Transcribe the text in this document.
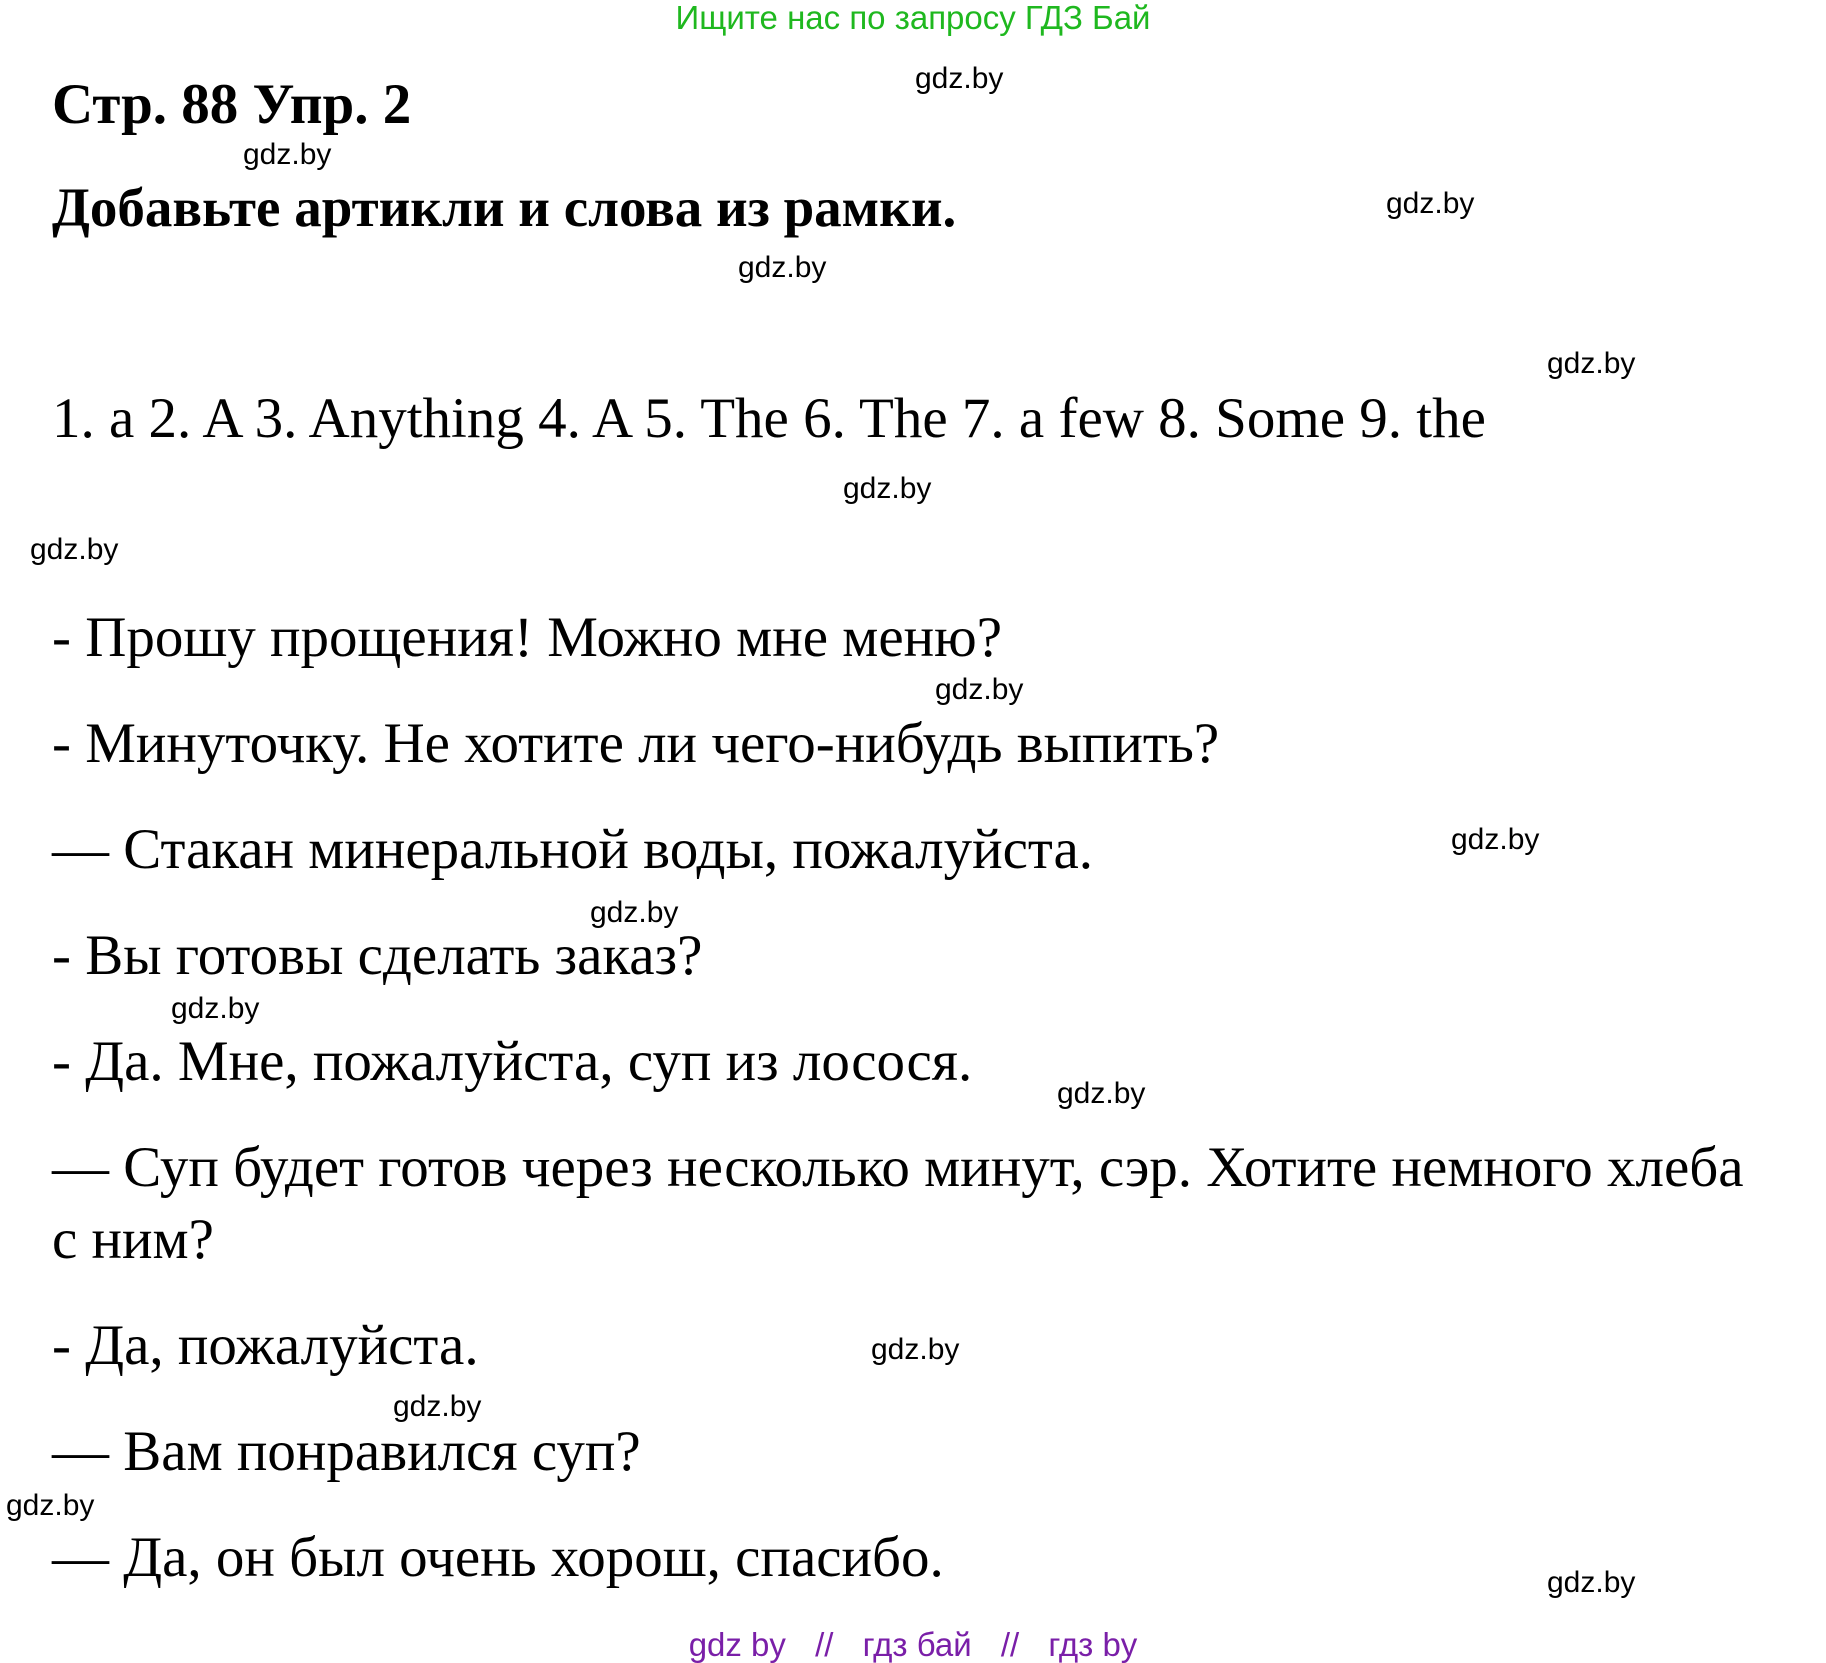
Ищите нас по запросу ГДЗ Бай
Стр. 88 Упр. 2
Добавьте артикли и слова из рамки.
1. a 2. A 3. Anything 4. A 5. The 6. The 7. a few 8. Some 9. the
- Прошу прощения! Можно мне меню?
- Минуточку. Не хотите ли чего-нибудь выпить?
— Стакан минеральной воды, пожалуйста.
- Вы готовы сделать заказ?
- Да. Мне, пожалуйста, суп из лосося.
— Суп будет готов через несколько минут, сэр. Хотите немного хлеба
с ним?
- Да, пожалуйста.
— Вам понравился суп?
— Да, он был очень хорош, спасибо.
gdz.by
gdz.by
gdz.by
gdz.by
gdz.by
gdz.by
gdz.by
gdz.by
gdz.by
gdz.by
gdz.by
gdz.by
gdz.by
gdz.by
gdz.by
gdz.by
gdz by // гдз бай // гдз by
